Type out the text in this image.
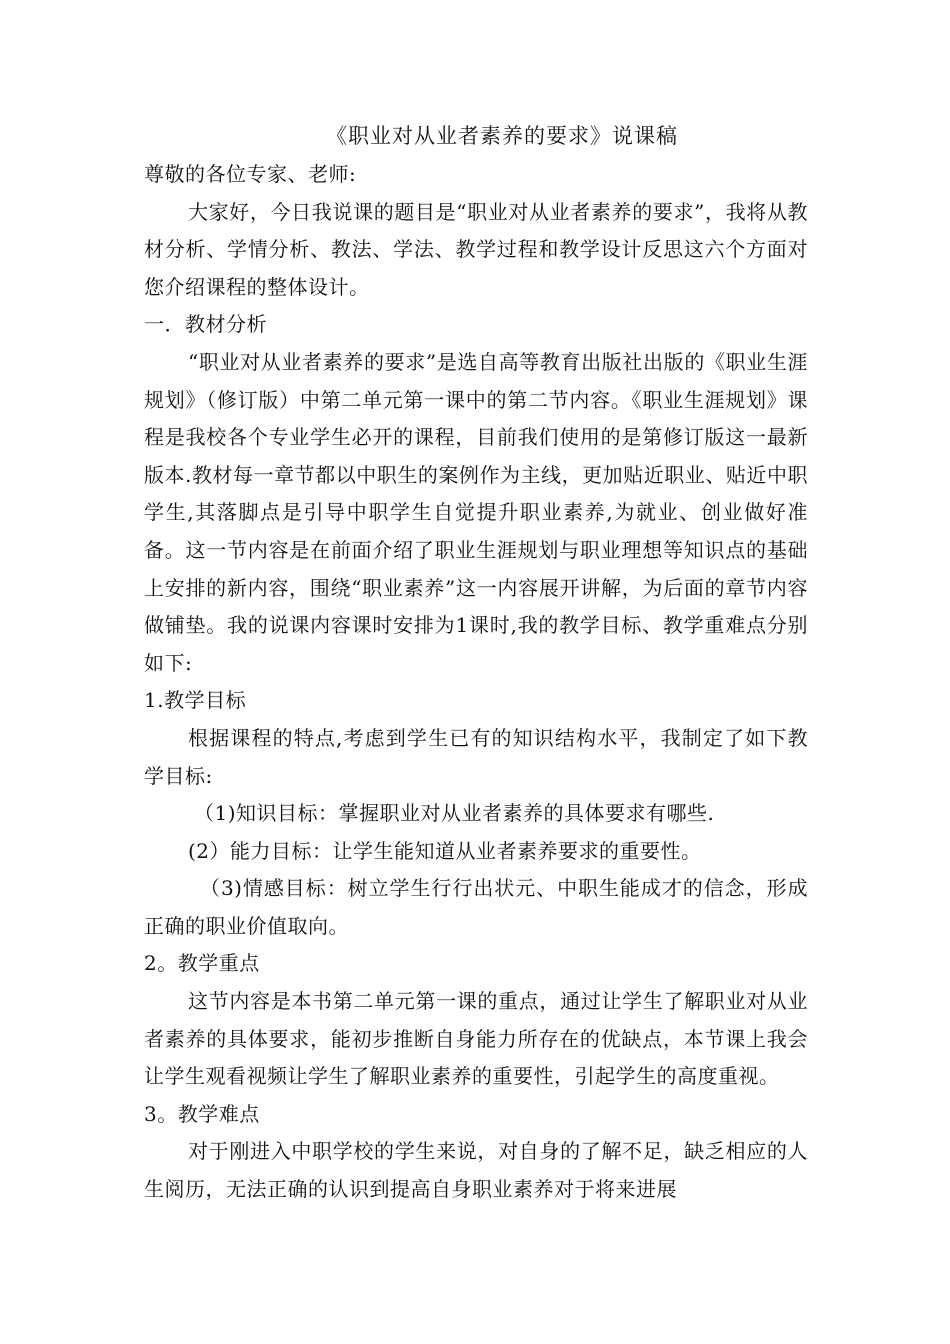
《职业对从业者素养的要求》说课稿
尊敬的各位专家、老师:
大家好，今日我说课的题目是“职业对从业者素养的要求”，我将从教材分析、学情分析、教法、学法、教学过程和教学设计反思这六个方面对您介绍课程的整体设计。
一．教材分析
“职业对从业者素养的要求”是选自高等教育出版社出版的《职业生涯规划》（修订版）中第二单元第一课中的第二节内容。《职业生涯规划》课程是我校各个专业学生必开的课程，目前我们使用的是第修订版这一最新版本.教材每一章节都以中职生的案例作为主线，更加贴近职业、贴近中职学生,其落脚点是引导中职学生自觉提升职业素养,为就业、创业做好准备。这一节内容是在前面介绍了职业生涯规划与职业理想等知识点的基础上安排的新内容，围绕“职业素养”这一内容展开讲解，为后面的章节内容做铺垫。我的说课内容课时安排为1课时,我的教学目标、教学重难点分别如下:
1.教学目标
根据课程的特点,考虑到学生已有的知识结构水平，我制定了如下教学目标:
（1)知识目标：掌握职业对从业者素养的具体要求有哪些.
(2）能力目标：让学生能知道从业者素养要求的重要性。
（3)情感目标：树立学生行行出状元、中职生能成才的信念，形成正确的职业价值取向。
2。教学重点
这节内容是本书第二单元第一课的重点，通过让学生了解职业对从业者素养的具体要求，能初步推断自身能力所存在的优缺点，本节课上我会让学生观看视频让学生了解职业素养的重要性，引起学生的高度重视。
3。教学难点
对于刚进入中职学校的学生来说，对自身的了解不足，缺乏相应的人生阅历，无法正确的认识到提高自身职业素养对于将来进展
